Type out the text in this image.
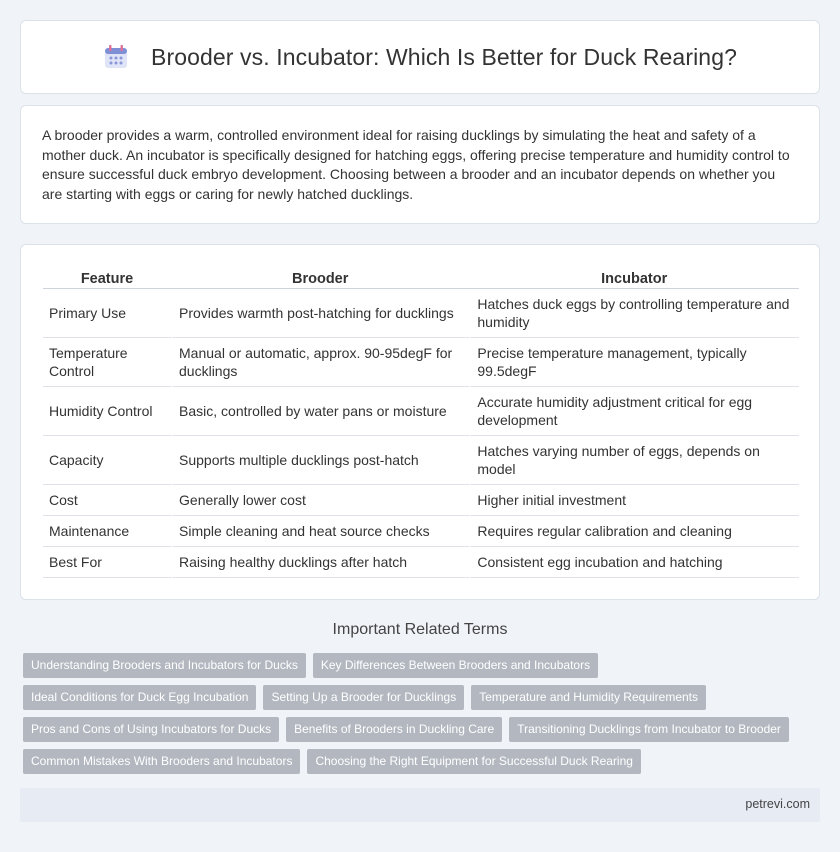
Brooder vs. Incubator: Which Is Better for Duck Rearing?

A brooder provides a warm, controlled environment ideal for raising ducklings by simulating the heat and safety of a mother duck. An incubator is specifically designed for hatching eggs, offering precise temperature and humidity control to ensure successful duck embryo development. Choosing between a brooder and an incubator depends on whether you are starting with eggs or caring for newly hatched ducklings.

Feature	Brooder	Incubator
Primary Use	Provides warmth post-hatching for ducklings	Hatches duck eggs by controlling temperature and humidity
Temperature Control	Manual or automatic, approx. 90-95degF for ducklings	Precise temperature management, typically 99.5degF
Humidity Control	Basic, controlled by water pans or moisture	Accurate humidity adjustment critical for egg development
Capacity	Supports multiple ducklings post-hatch	Hatches varying number of eggs, depends on model
Cost	Generally lower cost	Higher initial investment
Maintenance	Simple cleaning and heat source checks	Requires regular calibration and cleaning
Best For	Raising healthy ducklings after hatch	Consistent egg incubation and hatching
Important Related Terms
Understanding Brooders and Incubators for Ducks	Key Differences Between Brooders and Incubators
Ideal Conditions for Duck Egg Incubation	Setting Up a Brooder for Ducklings	Temperature and Humidity Requirements
Pros and Cons of Using Incubators for Ducks	Benefits of Brooders in Duckling Care	Transitioning Ducklings from Incubator to Brooder
Common Mistakes With Brooders and Incubators	Choosing the Right Equipment for Successful Duck Rearing
petrevi.com
